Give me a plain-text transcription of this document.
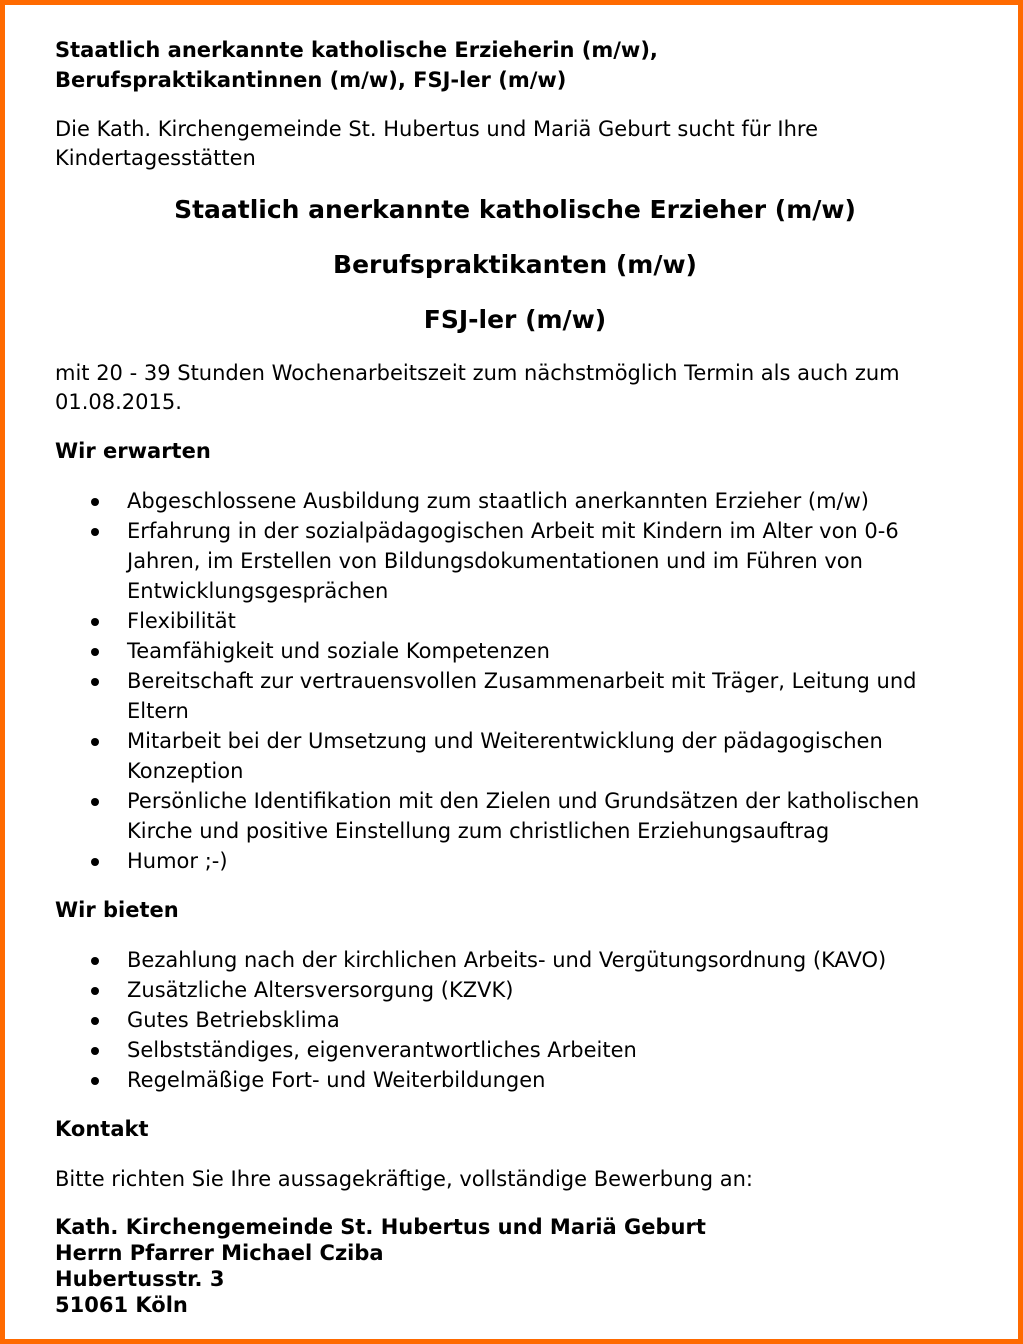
Staatlich anerkannte katholische Erzieherin (m/w),
Berufspraktikantinnen (m/w), FSJ-ler (m/w)

Die Kath. Kirchengemeinde St. Hubertus und Mariä Geburt sucht für Ihre Kindertagesstätten

Staatlich anerkannte katholische Erzieher (m/w)

Berufspraktikanten (m/w)

FSJ-ler (m/w)

mit 20 - 39 Stunden Wochenarbeitszeit zum nächstmöglich Termin als auch zum 01.08.2015.

Wir erwarten

Abgeschlossene Ausbildung zum staatlich anerkannten Erzieher (m/w)
Erfahrung in der sozialpädagogischen Arbeit mit Kindern im Alter von 0-6 Jahren, im Erstellen von Bildungsdokumentationen und im Führen von Entwicklungsgesprächen
Flexibilität
Teamfähigkeit und soziale Kompetenzen
Bereitschaft zur vertrauensvollen Zusammenarbeit mit Träger, Leitung und Eltern
Mitarbeit bei der Umsetzung und Weiterentwicklung der pädagogischen Konzeption
Persönliche Identifikation mit den Zielen und Grundsätzen der katholischen Kirche und positive Einstellung zum christlichen Erziehungsauftrag
Humor ;-)

Wir bieten

Bezahlung nach der kirchlichen Arbeits- und Vergütungsordnung (KAVO)
Zusätzliche Altersversorgung (KZVK)
Gutes Betriebsklima
Selbstständiges, eigenverantwortliches Arbeiten
Regelmäßige Fort- und Weiterbildungen

Kontakt

Bitte richten Sie Ihre aussagekräftige, vollständige Bewerbung an:

Kath. Kirchengemeinde St. Hubertus und Mariä Geburt
Herrn Pfarrer Michael Cziba
Hubertusstr. 3
51061 Köln
